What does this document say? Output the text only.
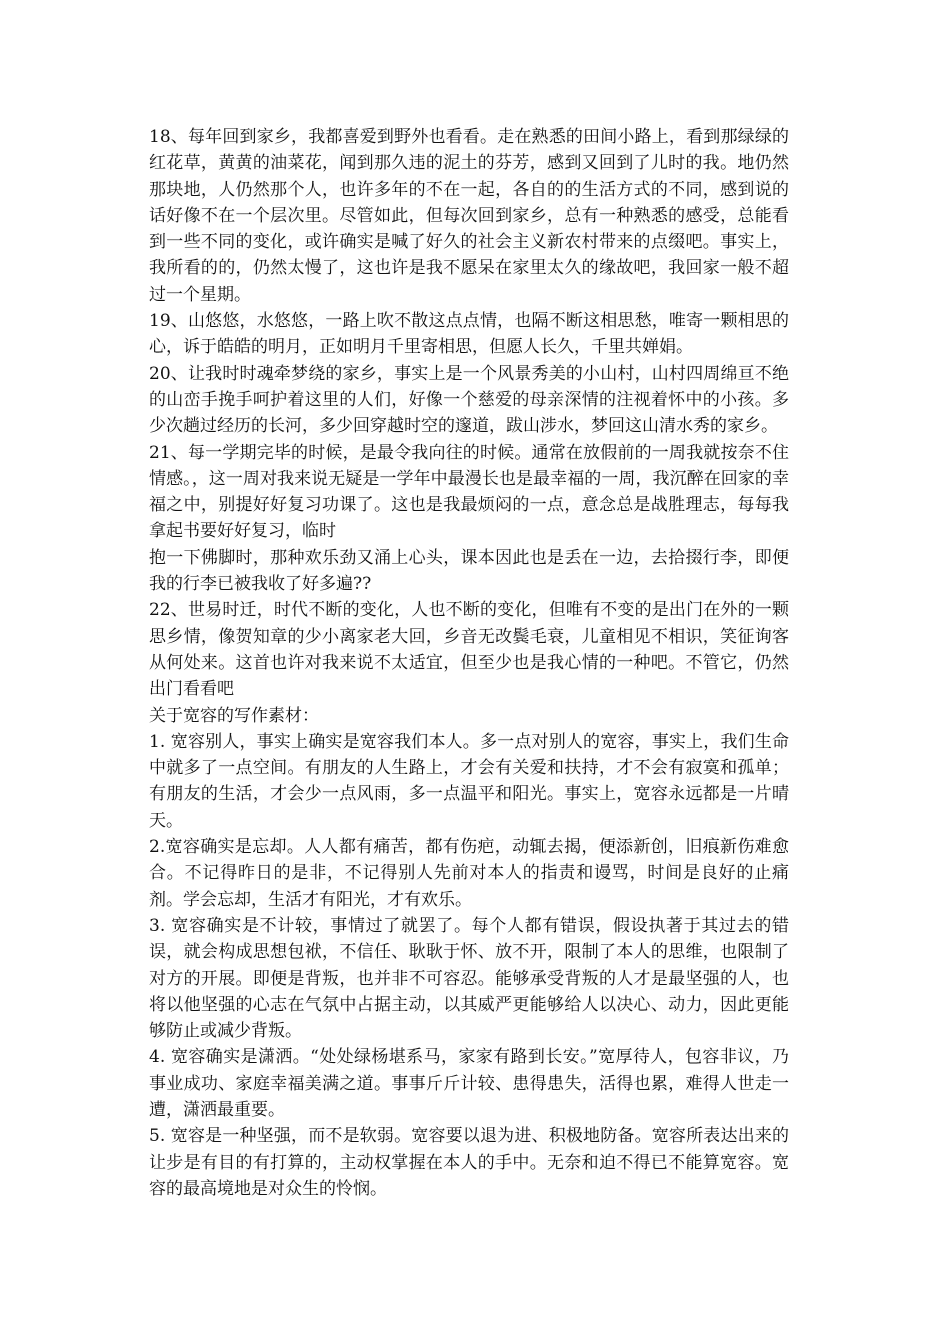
18、每年回到家乡，我都喜爱到野外也看看。走在熟悉的田间小路上，看到那绿绿的红花草，黄黄的油菜花，闻到那久违的泥土的芬芳，感到又回到了儿时的我。地仍然那块地，人仍然那个人，也许多年的不在一起，各自的的生活方式的不同，感到说的话好像不在一个层次里。尽管如此，但每次回到家乡，总有一种熟悉的感受，总能看到一些不同的变化，或许确实是喊了好久的社会主义新农村带来的点缀吧。事实上，我所看的的，仍然太慢了，这也许是我不愿呆在家里太久的缘故吧，我回家一般不超过一个星期。

19、山悠悠，水悠悠，一路上吹不散这点点情，也隔不断这相思愁，唯寄一颗相思的心，诉于皓皓的明月，正如明月千里寄相思，但愿人长久，千里共婵娟。

20、让我时时魂牵梦绕的家乡，事实上是一个风景秀美的小山村，山村四周绵亘不绝的山峦手挽手呵护着这里的人们，好像一个慈爱的母亲深情的注视着怀中的小孩。多少次趟过经历的长河，多少回穿越时空的邃道，跋山涉水，梦回这山清水秀的家乡。

21、每一学期完毕的时候，是最令我向往的时候。通常在放假前的一周我就按奈不住情感。，这一周对我来说无疑是一学年中最漫长也是最幸福的一周，我沉醉在回家的幸福之中，别提好好复习功课了。这也是我最烦闷的一点，意念总是战胜理志，每每我拿起书要好好复习，临时

抱一下佛脚时，那种欢乐劲又涌上心头，课本因此也是丢在一边，去拾掇行李，即便我的行李已被我收了好多遍??

22、世易时迁，时代不断的变化，人也不断的变化，但唯有不变的是出门在外的一颗思乡情，像贺知章的少小离家老大回，乡音无改鬓毛衰，儿童相见不相识，笑征询客从何处来。这首也许对我来说不太适宜，但至少也是我心情的一种吧。不管它，仍然出门看看吧

关于宽容的写作素材：

1. 宽容别人，事实上确实是宽容我们本人。多一点对别人的宽容，事实上，我们生命中就多了一点空间。有朋友的人生路上，才会有关爱和扶持，才不会有寂寞和孤单；有朋友的生活，才会少一点风雨，多一点温平和阳光。事实上，宽容永远都是一片晴天。

2.宽容确实是忘却。人人都有痛苦，都有伤疤，动辄去揭，便添新创，旧痕新伤难愈合。不记得昨日的是非，不记得别人先前对本人的指责和谩骂，时间是良好的止痛剂。学会忘却，生活才有阳光，才有欢乐。

3. 宽容确实是不计较，事情过了就罢了。每个人都有错误，假设执著于其过去的错误，就会构成思想包袱，不信任、耿耿于怀、放不开，限制了本人的思维，也限制了对方的开展。即便是背叛，也并非不可容忍。能够承受背叛的人才是最坚强的人，也将以他坚强的心志在气氛中占据主动，以其威严更能够给人以决心、动力，因此更能够防止或减少背叛。

4. 宽容确实是潇洒。“处处绿杨堪系马，家家有路到长安。”宽厚待人，包容非议，乃事业成功、家庭幸福美满之道。事事斤斤计较、患得患失，活得也累，难得人世走一遭，潇洒最重要。

5. 宽容是一种坚强，而不是软弱。宽容要以退为进、积极地防备。宽容所表达出来的让步是有目的有打算的，主动权掌握在本人的手中。无奈和迫不得已不能算宽容。宽容的最高境地是对众生的怜悯。
